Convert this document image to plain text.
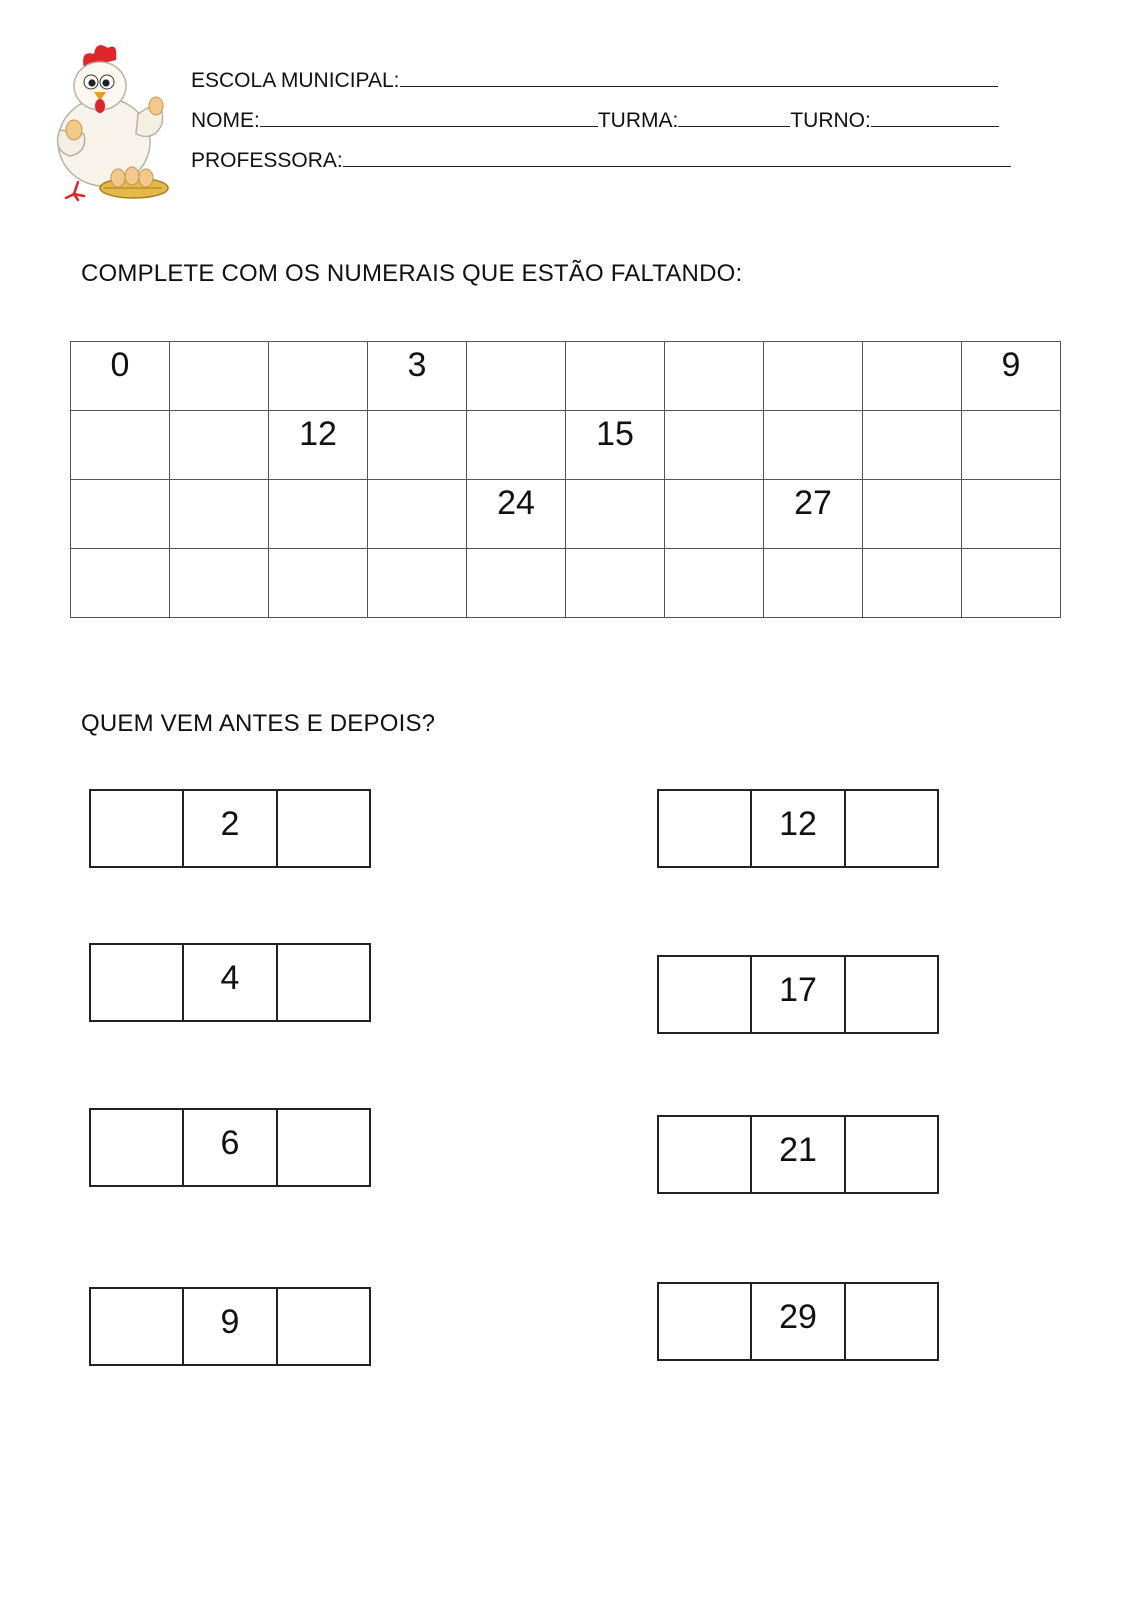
ESCOLA MUNICIPAL:
NOME:	TURMA:	TURNO:
PROFESSORA:
COMPLETE COM OS NUMERAIS QUE ESTÃO FALTANDO:
0			3						9

		12			15				

				24			27		

QUEM VEM ANTES E DEPOIS?
2
4
6
9
12
17
21
29
